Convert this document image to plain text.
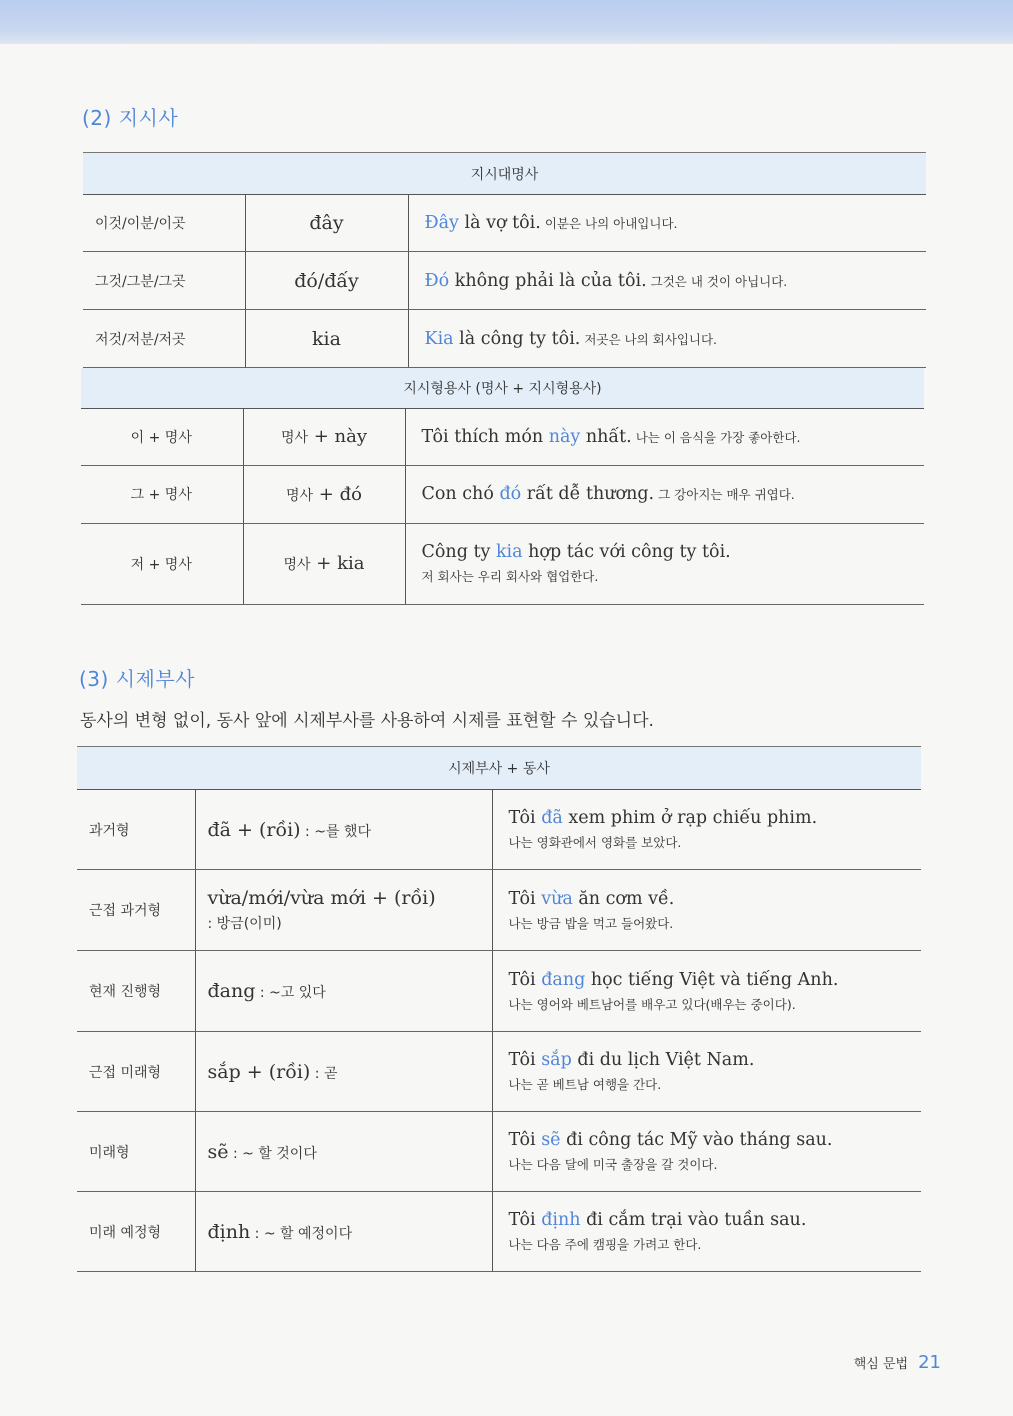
(2) 지시사
지시대명사		
이것/이분/이곳	đây	Đây là vợ tôi. 이분은 나의 아내입니다.
그것/그분/그곳	đó/đấy	Đó không phải là của tôi. 그것은 내 것이 아닙니다.
저것/저분/저곳	kia	Kia là công ty tôi. 저곳은 나의 회사입니다.
지시형용사 (명사 + 지시형용사)		
이 + 명사	명사 + này	Tôi thích món này nhất. 나는 이 음식을 가장 좋아한다.
그 + 명사	명사 + đó	Con chó đó rất dễ thương. 그 강아지는 매우 귀엽다.
저 + 명사	명사 + kia	Công ty kia hợp tác với công ty tôi.
저 회사는 우리 회사와 협업한다.
(3) 시제부사
동사의 변형 없이, 동사 앞에 시제부사를 사용하여 시제를 표현할 수 있습니다.
시제부사 + 동사		
과거형	đã + (rồi) : ~를 했다	Tôi đã xem phim ở rạp chiếu phim.
나는 영화관에서 영화를 보았다.

근접 과거형	vừa/mới/vừa mới + (rồi)
: 방금(이미)	Tôi vừa ăn cơm về.
나는 방금 밥을 먹고 들어왔다.

현재 진행형	đang : ~고 있다	Tôi đang học tiếng Việt và tiếng Anh.
나는 영어와 베트남어를 배우고 있다(배우는 중이다).

근접 미래형	sắp + (rồi) : 곧	Tôi sắp đi du lịch Việt Nam.
나는 곧 베트남 여행을 간다.

미래형	sẽ : ~ 할 것이다	Tôi sẽ đi công tác Mỹ vào tháng sau.
나는 다음 달에 미국 출장을 갈 것이다.

미래 예정형	định : ~ 할 예정이다	Tôi định đi cắm trại vào tuần sau.
나는 다음 주에 캠핑을 가려고 한다.
핵심 문법 21
